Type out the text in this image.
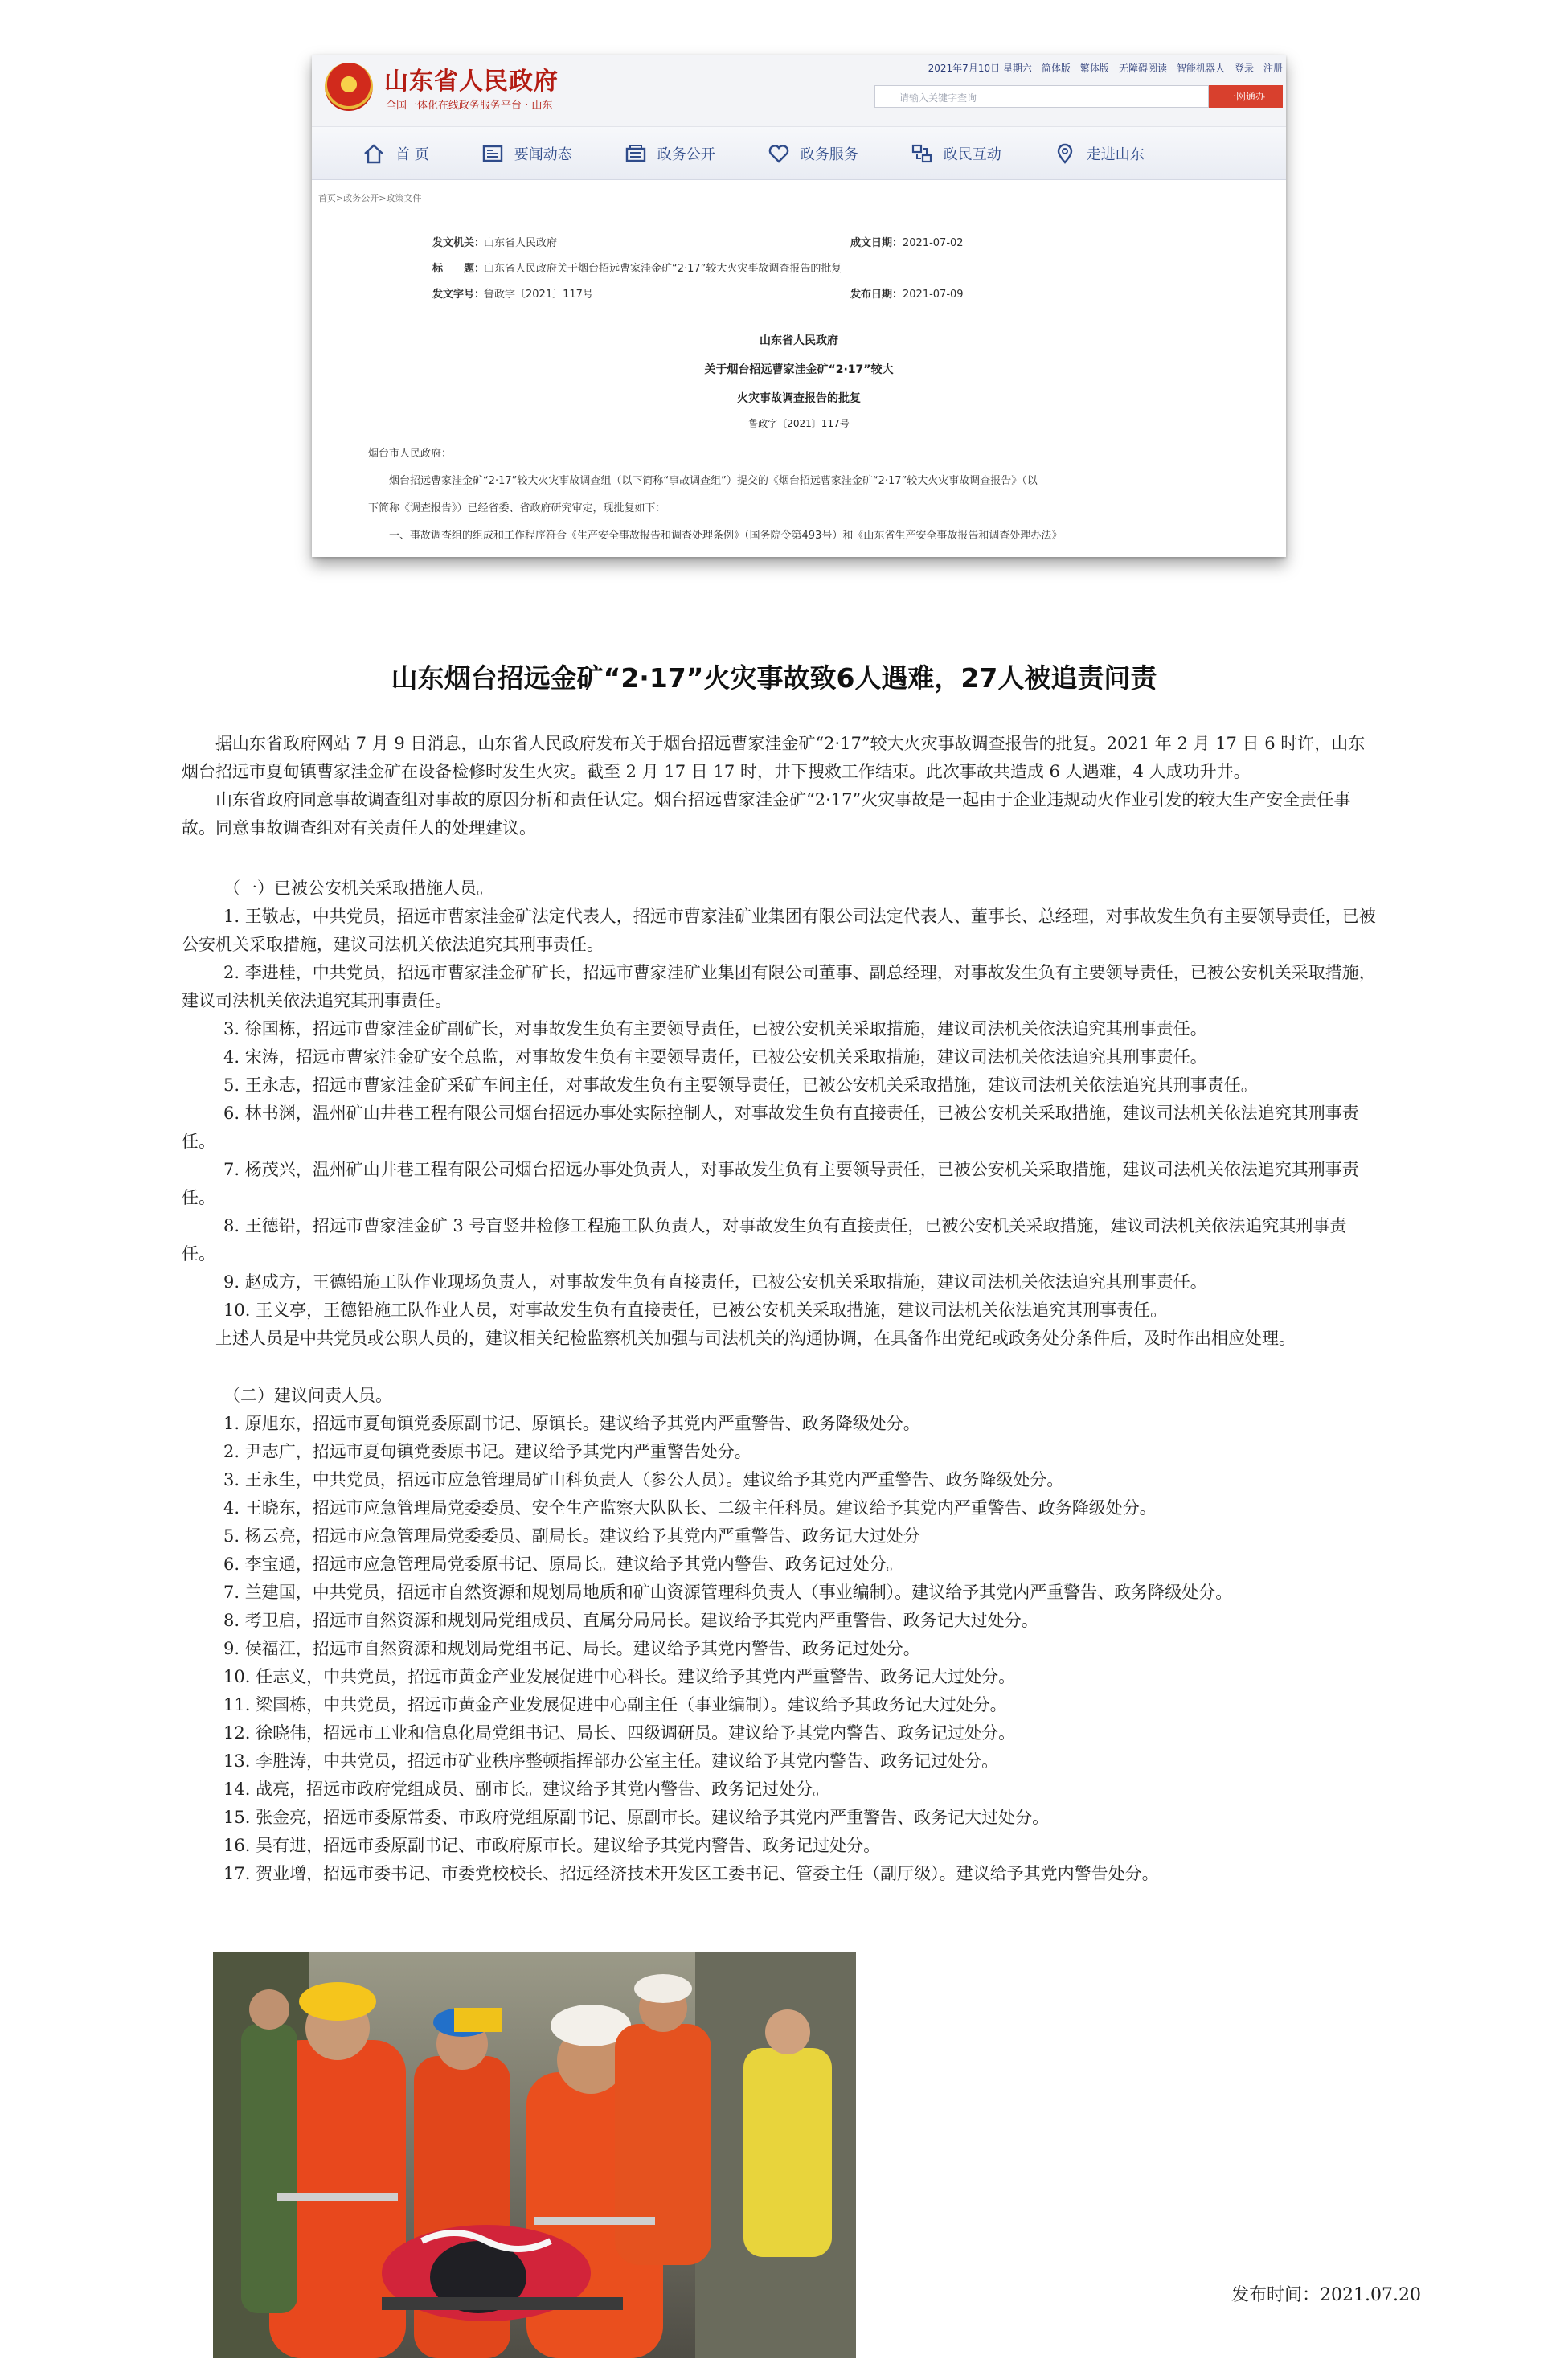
山东省人民政府
全国一体化在线政务服务平台 · 山东
2021年7月10日 星期六 简体版 繁体版 无障碍阅读 智能机器人 登录 注册
请输入关键字查询	一网通办
首 页	要闻动态	政务公开	政务服务	政民互动	走进山东
首页>政务公开>政策文件
发文机关：山东省人民政府	成文日期：2021-07-02
标　　题：山东省人民政府关于烟台招远曹家洼金矿“2·17”较大火灾事故调查报告的批复
发文字号：鲁政字〔2021〕117号	发布日期：2021-07-09
山东省人民政府
关于烟台招远曹家洼金矿“2·17”较大
火灾事故调查报告的批复
鲁政字〔2021〕117号
烟台市人民政府：
烟台招远曹家洼金矿“2·17”较大火灾事故调查组（以下简称“事故调查组”）提交的《烟台招远曹家洼金矿“2·17”较大火灾事故调查报告》（以
下简称《调查报告》）已经省委、省政府研究审定，现批复如下：
一、事故调查组的组成和工作程序符合《生产安全事故报告和调查处理条例》（国务院令第493号）和《山东省生产安全事故报告和调查处理办法》
山东烟台招远金矿“2·17”火灾事故致6人遇难，27人被追责问责

据山东省政府网站 7 月 9 日消息，山东省人民政府发布关于烟台招远曹家洼金矿“2·17”较大火灾事故调查报告的批复。2021 年 2 月 17 日 6 时许，山东烟台招远市夏甸镇曹家洼金矿在设备检修时发生火灾。截至 2 月 17 日 17 时，井下搜救工作结束。此次事故共造成 6 人遇难，4 人成功升井。

山东省政府同意事故调查组对事故的原因分析和责任认定。烟台招远曹家洼金矿“2·17”火灾事故是一起由于企业违规动火作业引发的较大生产安全责任事故。同意事故调查组对有关责任人的处理建议。

（一）已被公安机关采取措施人员。
1. 王敬志，中共党员，招远市曹家洼金矿法定代表人，招远市曹家洼矿业集团有限公司法定代表人、董事长、总经理，对事故发生负有主要领导责任，已被公安机关采取措施，建议司法机关依法追究其刑事责任。
2. 李进桂，中共党员，招远市曹家洼金矿矿长，招远市曹家洼矿业集团有限公司董事、副总经理，对事故发生负有主要领导责任，已被公安机关采取措施，建议司法机关依法追究其刑事责任。
3. 徐国栋，招远市曹家洼金矿副矿长，对事故发生负有主要领导责任，已被公安机关采取措施，建议司法机关依法追究其刑事责任。
4. 宋涛，招远市曹家洼金矿安全总监，对事故发生负有主要领导责任，已被公安机关采取措施，建议司法机关依法追究其刑事责任。
5. 王永志，招远市曹家洼金矿采矿车间主任，对事故发生负有主要领导责任，已被公安机关采取措施，建议司法机关依法追究其刑事责任。
6. 林书渊，温州矿山井巷工程有限公司烟台招远办事处实际控制人，对事故发生负有直接责任，已被公安机关采取措施，建议司法机关依法追究其刑事责任。
7. 杨茂兴，温州矿山井巷工程有限公司烟台招远办事处负责人，对事故发生负有主要领导责任，已被公安机关采取措施，建议司法机关依法追究其刑事责任。
8. 王德铅，招远市曹家洼金矿 3 号盲竖井检修工程施工队负责人，对事故发生负有直接责任，已被公安机关采取措施，建议司法机关依法追究其刑事责任。
9. 赵成方，王德铅施工队作业现场负责人，对事故发生负有直接责任，已被公安机关采取措施，建议司法机关依法追究其刑事责任。
10. 王义亭，王德铅施工队作业人员，对事故发生负有直接责任，已被公安机关采取措施，建议司法机关依法追究其刑事责任。

上述人员是中共党员或公职人员的，建议相关纪检监察机关加强与司法机关的沟通协调，在具备作出党纪或政务处分条件后，及时作出相应处理。

（二）建议问责人员。
1. 原旭东，招远市夏甸镇党委原副书记、原镇长。建议给予其党内严重警告、政务降级处分。
2. 尹志广，招远市夏甸镇党委原书记。建议给予其党内严重警告处分。
3. 王永生，中共党员，招远市应急管理局矿山科负责人（参公人员）。建议给予其党内严重警告、政务降级处分。
4. 王晓东，招远市应急管理局党委委员、安全生产监察大队队长、二级主任科员。建议给予其党内严重警告、政务降级处分。
5. 杨云亮，招远市应急管理局党委委员、副局长。建议给予其党内严重警告、政务记大过处分
6. 李宝通，招远市应急管理局党委原书记、原局长。建议给予其党内警告、政务记过处分。
7. 兰建国，中共党员，招远市自然资源和规划局地质和矿山资源管理科负责人（事业编制）。建议给予其党内严重警告、政务降级处分。
8. 考卫启，招远市自然资源和规划局党组成员、直属分局局长。建议给予其党内严重警告、政务记大过处分。
9. 侯福江，招远市自然资源和规划局党组书记、局长。建议给予其党内警告、政务记过处分。
10. 任志义，中共党员，招远市黄金产业发展促进中心科长。建议给予其党内严重警告、政务记大过处分。
11. 梁国栋，中共党员，招远市黄金产业发展促进中心副主任（事业编制）。建议给予其政务记大过处分。
12. 徐晓伟，招远市工业和信息化局党组书记、局长、四级调研员。建议给予其党内警告、政务记过处分。
13. 李胜涛，中共党员，招远市矿业秩序整顿指挥部办公室主任。建议给予其党内警告、政务记过处分。
14. 战亮，招远市政府党组成员、副市长。建议给予其党内警告、政务记过处分。
15. 张金亮，招远市委原常委、市政府党组原副书记、原副市长。建议给予其党内严重警告、政务记大过处分。
16. 吴有进，招远市委原副书记、市政府原市长。建议给予其党内警告、政务记过处分。
17. 贺业增，招远市委书记、市委党校校长、招远经济技术开发区工委书记、管委主任（副厅级）。建议给予其党内警告处分。
发布时间：2021.07.20
